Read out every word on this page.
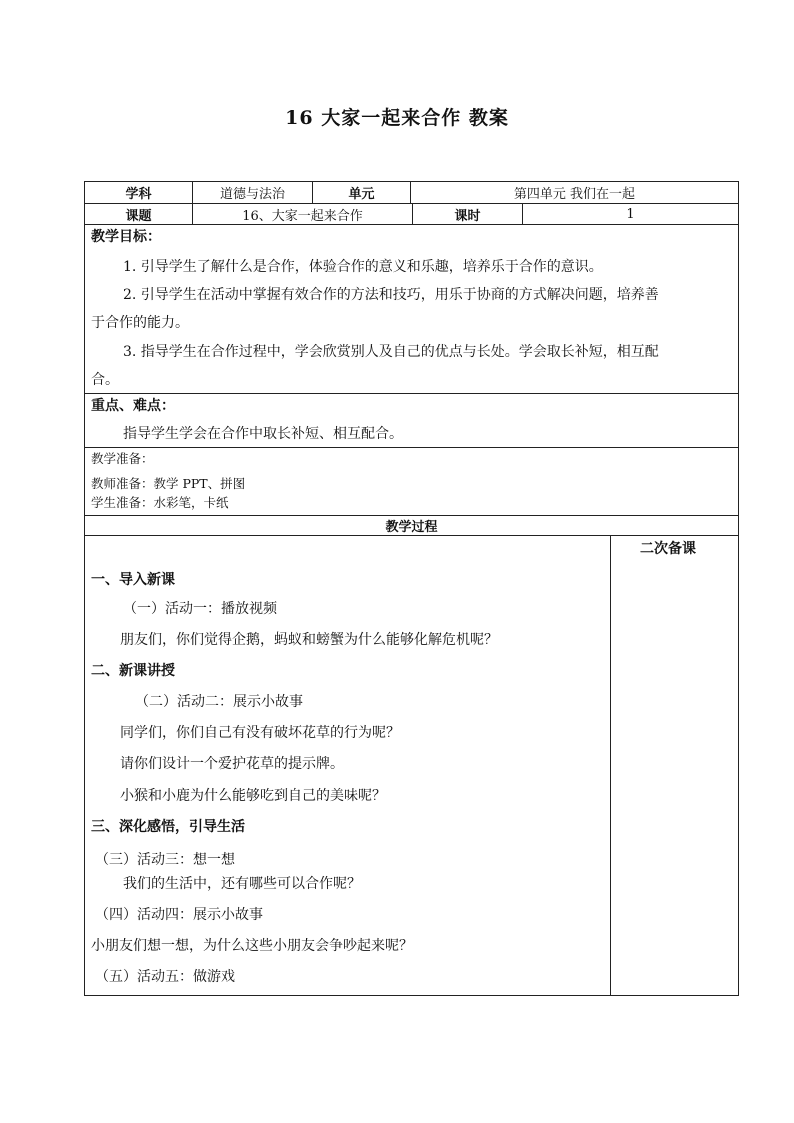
16 大家一起来合作 教案
学科	道德与法治	单元	第四单元 我们在一起
课题	16、大家一起来合作	课时	1
教学目标：
1. 引导学生了解什么是合作，体验合作的意义和乐趣，培养乐于合作的意识。
2. 引导学生在活动中掌握有效合作的方法和技巧，用乐于协商的方式解决问题，培养善
于合作的能力。
3. 指导学生在合作过程中，学会欣赏别人及自己的优点与长处。学会取长补短，相互配
合。
重点、难点：
指导学生学会在合作中取长补短、相互配合。
教学准备：
教师准备：教学 PPT、拼图
学生准备：水彩笔，卡纸
教学过程
二次备课
一、导入新课
（一）活动一：播放视频
朋友们，你们觉得企鹅，蚂蚁和螃蟹为什么能够化解危机呢？
二、新课讲授
（二）活动二：展示小故事
同学们，你们自己有没有破坏花草的行为呢？
请你们设计一个爱护花草的提示牌。
小猴和小鹿为什么能够吃到自己的美味呢？
三、深化感悟，引导生活
（三）活动三：想一想
我们的生活中，还有哪些可以合作呢？
（四）活动四：展示小故事
小朋友们想一想，为什么这些小朋友会争吵起来呢？
（五）活动五：做游戏
